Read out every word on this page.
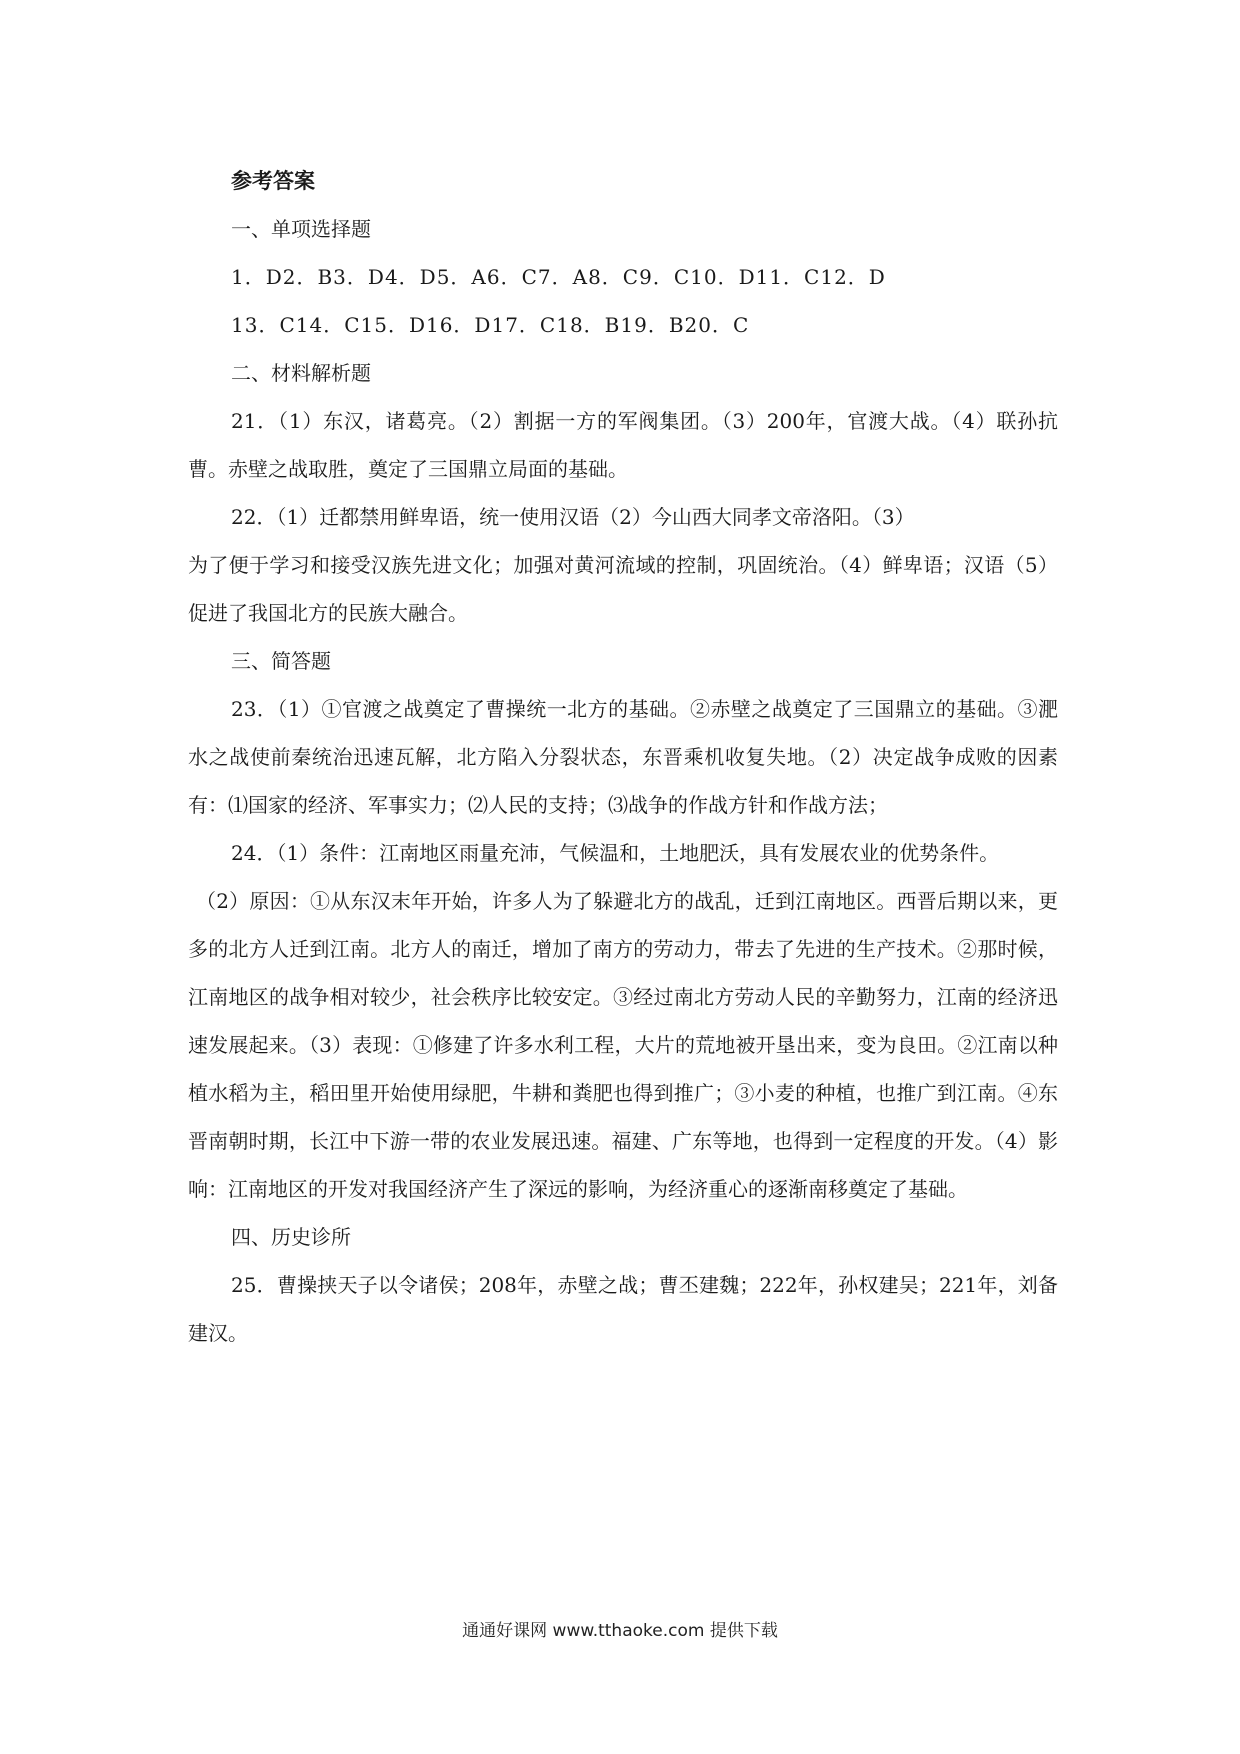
参考答案
一、单项选择题
1．D2．B3．D4．D5．A6．C7．A8．C9．C10．D11．C12．D
13．C14．C15．D16．D17．C18．B19．B20．C
二、材料解析题

21．（1）东汉，诸葛亮。（2）割据一方的军阀集团。（3）200年，官渡大战。（4）联孙抗曹。赤壁之战取胜，奠定了三国鼎立局面的基础。

22．（1）迁都禁用鲜卑语，统一使用汉语（2）今山西大同孝文帝洛阳。（3）

为了便于学习和接受汉族先进文化；加强对黄河流域的控制，巩固统治。（4）鲜卑语；汉语（5）促进了我国北方的民族大融合。

三、简答题

23．（1）①官渡之战奠定了曹操统一北方的基础。②赤壁之战奠定了三国鼎立的基础。③淝水之战使前秦统治迅速瓦解，北方陷入分裂状态，东晋乘机收复失地。（2）决定战争成败的因素有：⑴国家的经济、军事实力；⑵人民的支持；⑶战争的作战方针和作战方法；

24．（1）条件：江南地区雨量充沛，气候温和，土地肥沃，具有发展农业的优势条件。

（2）原因：①从东汉末年开始，许多人为了躲避北方的战乱，迁到江南地区。西晋后期以来，更多的北方人迁到江南。北方人的南迁，增加了南方的劳动力，带去了先进的生产技术。②那时候，江南地区的战争相对较少，社会秩序比较安定。③经过南北方劳动人民的辛勤努力，江南的经济迅速发展起来。（3）表现：①修建了许多水利工程，大片的荒地被开垦出来，变为良田。②江南以种植水稻为主，稻田里开始使用绿肥，牛耕和粪肥也得到推广；③小麦的种植，也推广到江南。④东晋南朝时期，长江中下游一带的农业发展迅速。福建、广东等地，也得到一定程度的开发。（4）影响：江南地区的开发对我国经济产生了深远的影响，为经济重心的逐渐南移奠定了基础。

四、历史诊所

25．曹操挟天子以令诸侯；208年，赤壁之战；曹丕建魏；222年，孙权建吴；221年，刘备建汉。

通通好课网 www.tthaoke.com 提供下载
